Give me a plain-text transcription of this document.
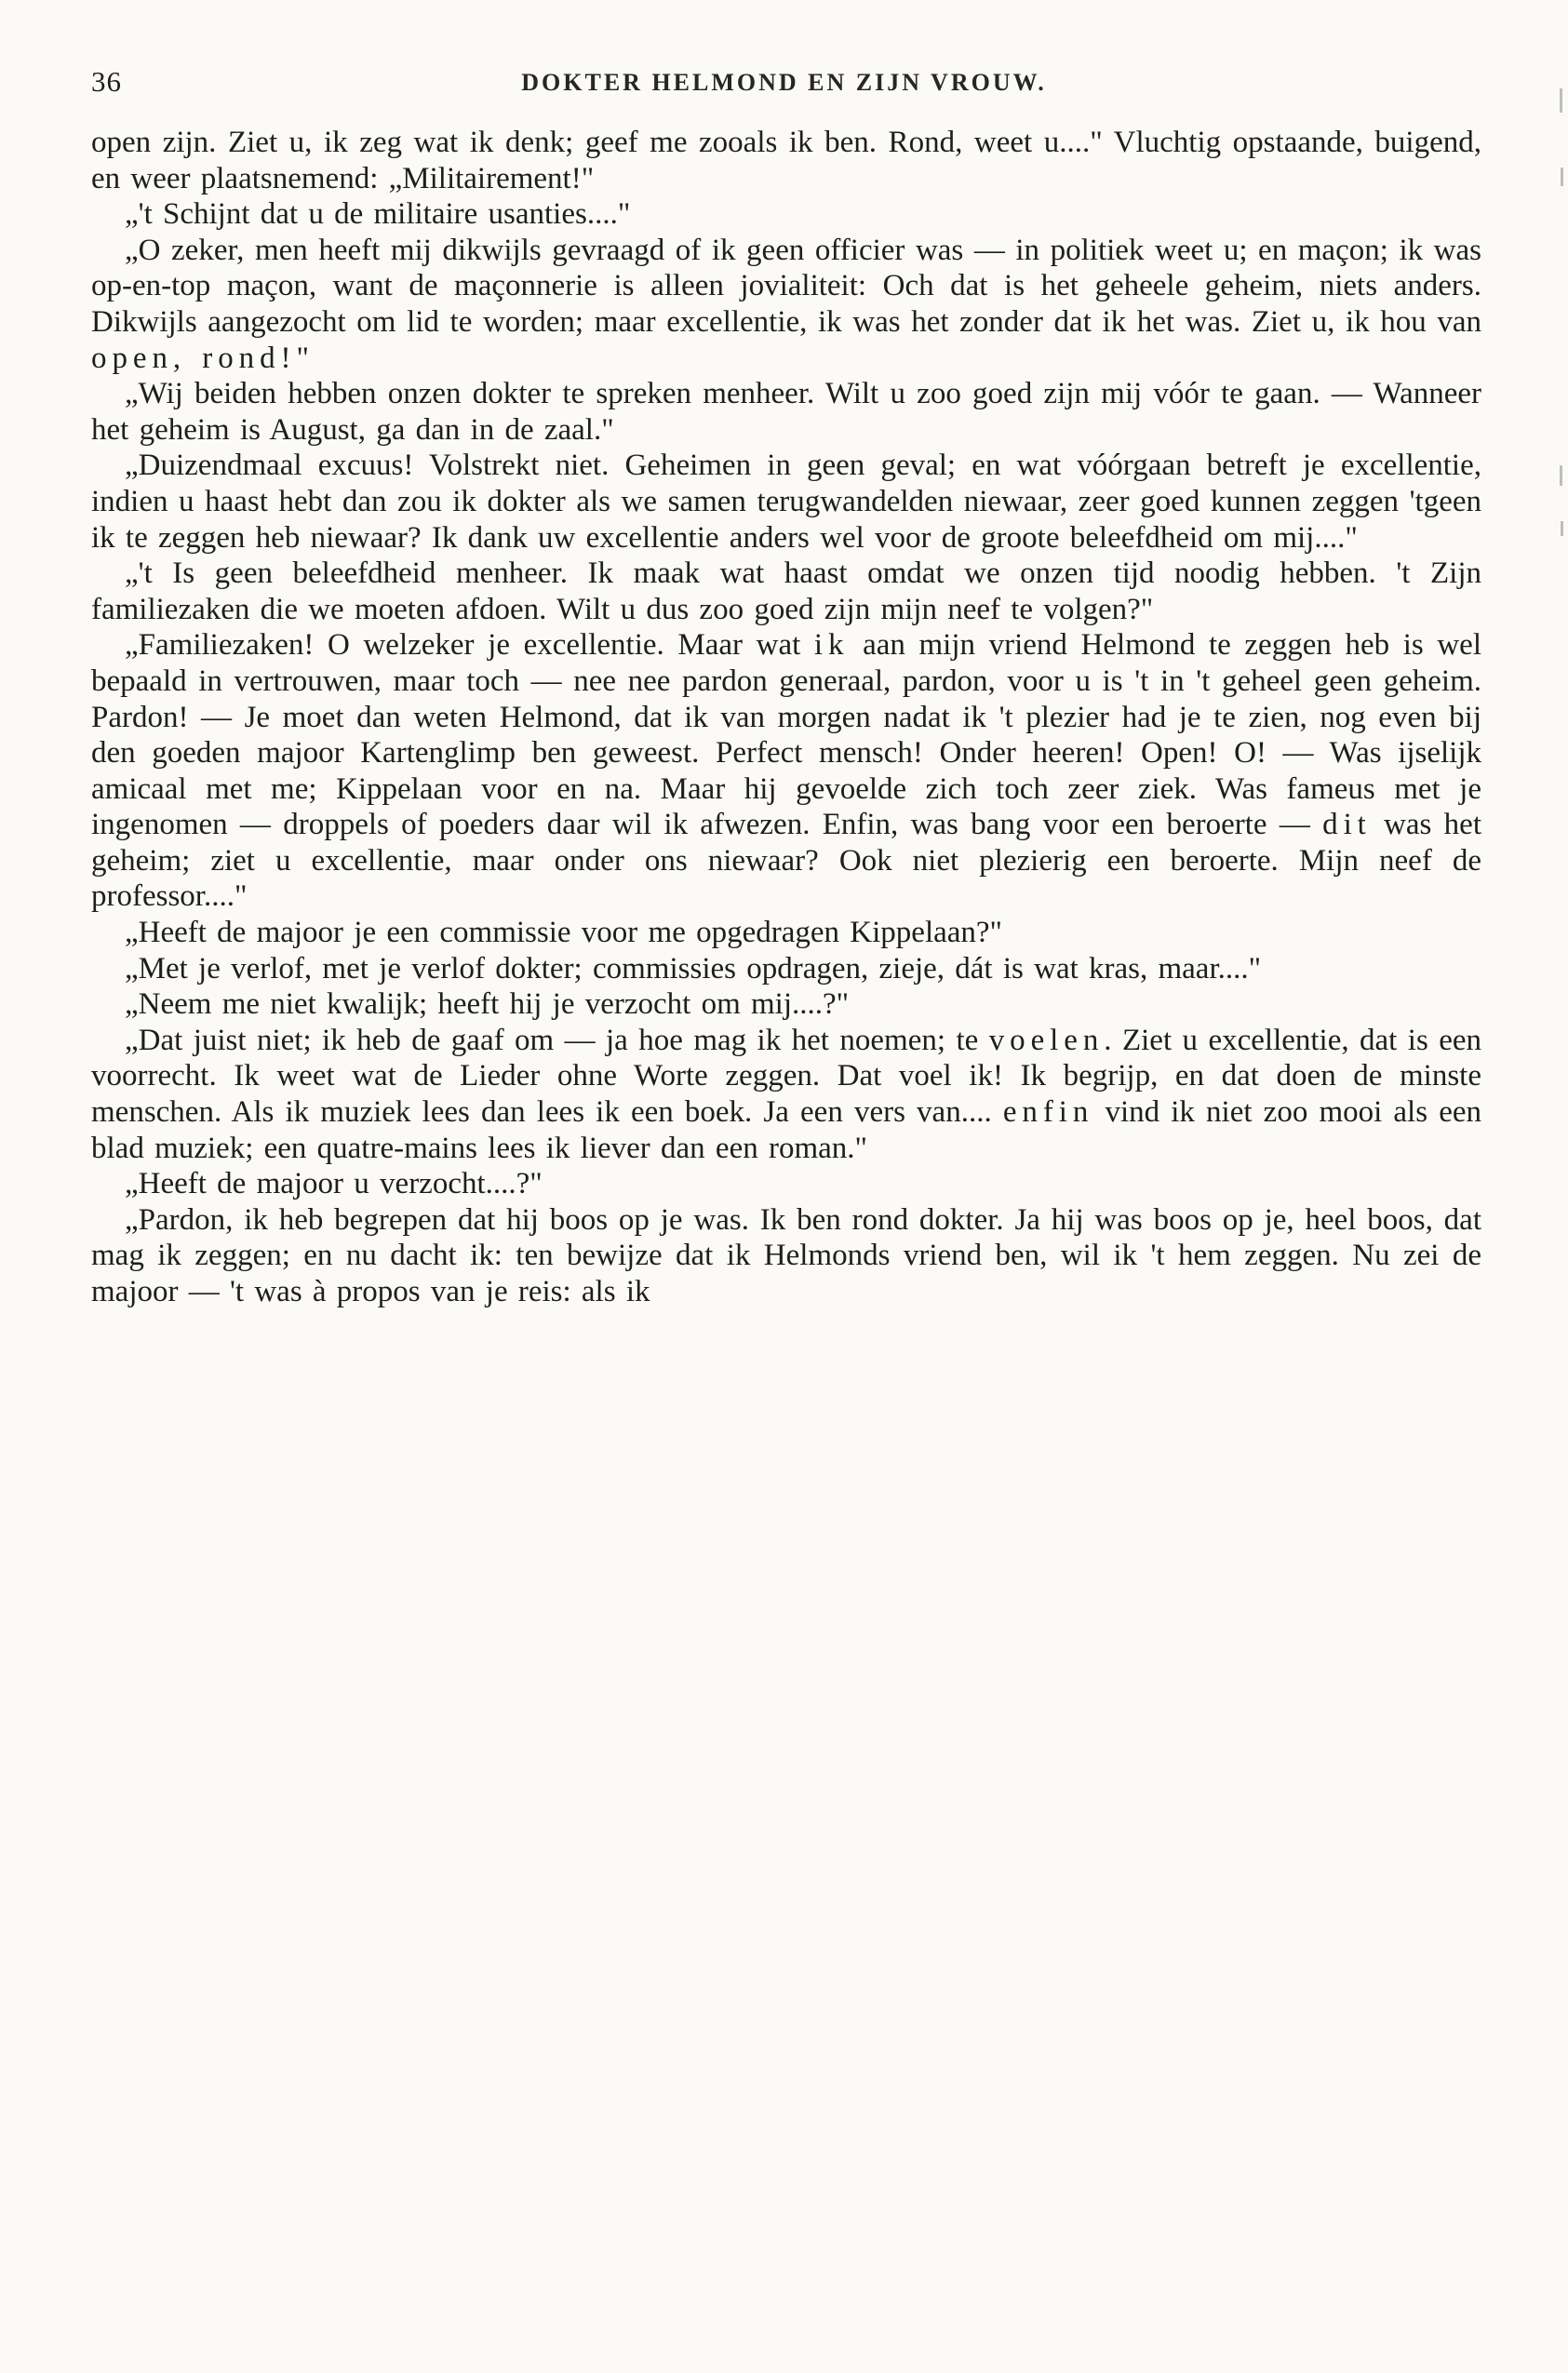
36	DOKTER HELMOND EN ZIJN VROUW.

open zijn. Ziet u, ik zeg wat ik denk; geef me zooals ik ben. Rond, weet u...." Vluchtig opstaande, buigend, en weer plaatsnemend: „Militairement!"

„'t Schijnt dat u de militaire usanties...."

„O zeker, men heeft mij dikwijls gevraagd of ik geen officier was — in politiek weet u; en maçon; ik was op-en-top maçon, want de maçonnerie is alleen jovialiteit: Och dat is het geheele geheim, niets anders. Dikwijls aangezocht om lid te worden; maar excellentie, ik was het zonder dat ik het was. Ziet u, ik hou van open, rond!"

„Wij beiden hebben onzen dokter te spreken menheer. Wilt u zoo goed zijn mij vóór te gaan. — Wanneer het geheim is August, ga dan in de zaal."

„Duizendmaal excuus! Volstrekt niet. Geheimen in geen geval; en wat vóórgaan betreft je excellentie, indien u haast hebt dan zou ik dokter als we samen terugwandelden niewaar, zeer goed kunnen zeggen 'tgeen ik te zeggen heb niewaar? Ik dank uw excellentie anders wel voor de groote beleefdheid om mij...."

„'t Is geen beleefdheid menheer. Ik maak wat haast omdat we onzen tijd noodig hebben. 't Zijn familiezaken die we moeten afdoen. Wilt u dus zoo goed zijn mijn neef te volgen?"

„Familiezaken! O welzeker je excellentie. Maar wat ik aan mijn vriend Helmond te zeggen heb is wel bepaald in vertrouwen, maar toch — nee nee pardon generaal, pardon, voor u is 't in 't geheel geen geheim. Pardon! — Je moet dan weten Helmond, dat ik van morgen nadat ik 't plezier had je te zien, nog even bij den goeden majoor Kartenglimp ben geweest. Perfect mensch! Onder heeren! Open! O! — Was ijselijk amicaal met me; Kippelaan voor en na. Maar hij gevoelde zich toch zeer ziek. Was fameus met je ingenomen — droppels of poeders daar wil ik afwezen. Enfin, was bang voor een beroerte — dit was het geheim; ziet u excellentie, maar onder ons niewaar? Ook niet plezierig een beroerte. Mijn neef de professor...."

„Heeft de majoor je een commissie voor me opgedragen Kippelaan?"

„Met je verlof, met je verlof dokter; commissies opdragen, zieje, dát is wat kras, maar...."

„Neem me niet kwalijk; heeft hij je verzocht om mij....?"

„Dat juist niet; ik heb de gaaf om — ja hoe mag ik het noemen; te voelen. Ziet u excellentie, dat is een voorrecht. Ik weet wat de Lieder ohne Worte zeggen. Dat voel ik! Ik begrijp, en dat doen de minste menschen. Als ik muziek lees dan lees ik een boek. Ja een vers van.... enfin vind ik niet zoo mooi als een blad muziek; een quatre-mains lees ik liever dan een roman."

„Heeft de majoor u verzocht....?"

„Pardon, ik heb begrepen dat hij boos op je was. Ik ben rond dokter. Ja hij was boos op je, heel boos, dat mag ik zeggen; en nu dacht ik: ten bewijze dat ik Helmonds vriend ben, wil ik 't hem zeggen. Nu zei de majoor — 't was à propos van je reis: als ik
